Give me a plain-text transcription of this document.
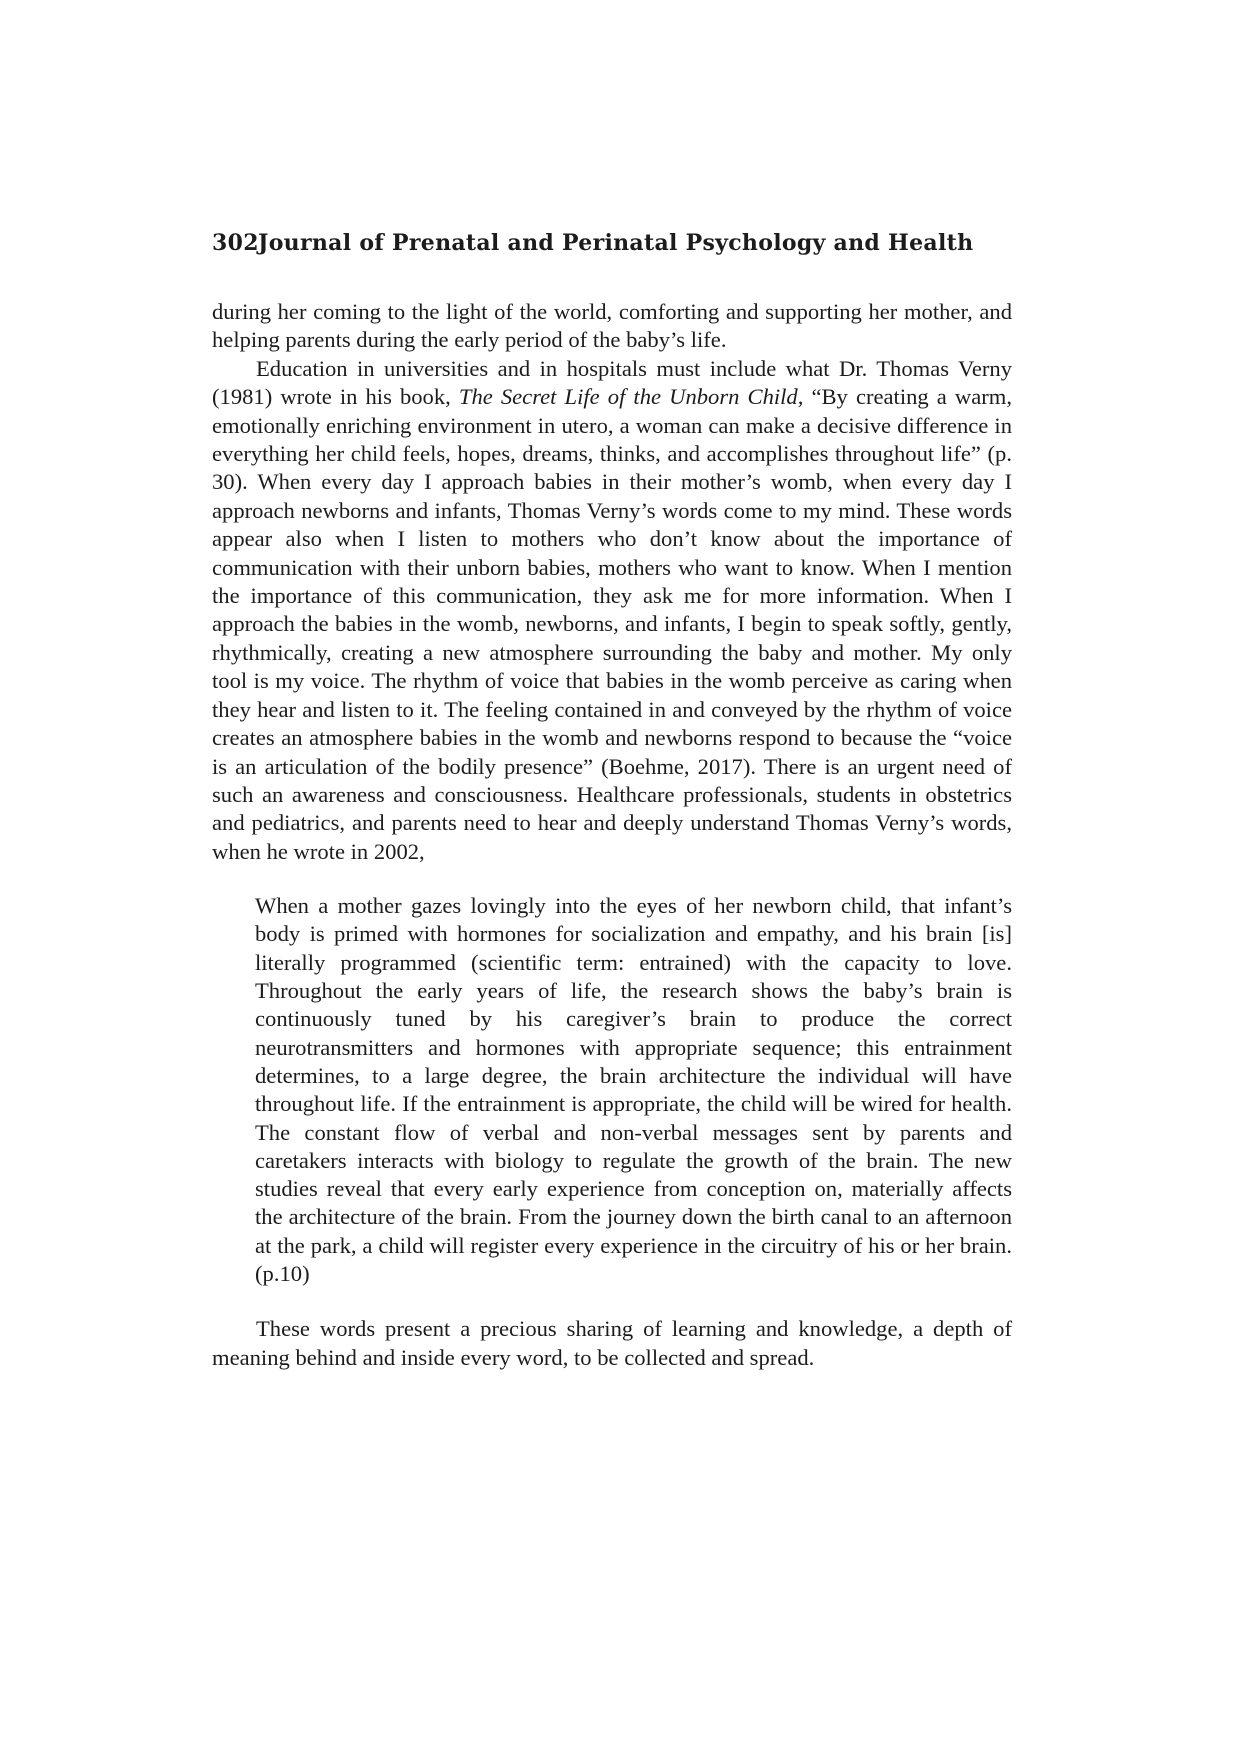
302Journal of Prenatal and Perinatal Psychology and Health

during her coming to the light of the world, comforting and supporting her mother, and helping parents during the early period of the baby’s life.

Education in universities and in hospitals must include what Dr. Thomas Verny (1981) wrote in his book, The Secret Life of the Unborn Child, “By creating a warm, emotionally enriching environment in utero, a woman can make a decisive difference in everything her child feels, hopes, dreams, thinks, and accomplishes throughout life” (p. 30). When every day I approach babies in their mother’s womb, when every day I approach newborns and infants, Thomas Verny’s words come to my mind. These words appear also when I listen to mothers who don’t know about the importance of communication with their unborn babies, mothers who want to know. When I mention the importance of this communication, they ask me for more information. When I approach the babies in the womb, newborns, and infants, I begin to speak softly, gently, rhythmically, creating a new atmosphere surrounding the baby and mother. My only tool is my voice. The rhythm of voice that babies in the womb perceive as caring when they hear and listen to it. The feeling contained in and conveyed by the rhythm of voice creates an atmosphere babies in the womb and newborns respond to because the “voice is an articulation of the bodily presence” (Boehme, 2017). There is an urgent need of such an awareness and consciousness. Healthcare professionals, students in obstetrics and pediatrics, and parents need to hear and deeply understand Thomas Verny’s words, when he wrote in 2002,

When a mother gazes lovingly into the eyes of her newborn child, that infant’s body is primed with hormones for socialization and empathy, and his brain [is] literally programmed (scientific term: entrained) with the capacity to love. Throughout the early years of life, the research shows the baby’s brain is continuously tuned by his caregiver’s brain to produce the correct neurotransmitters and hormones with appropriate sequence; this entrainment determines, to a large degree, the brain architecture the individual will have throughout life. If the entrainment is appropriate, the child will be wired for health. The constant flow of verbal and non-verbal messages sent by parents and caretakers interacts with biology to regulate the growth of the brain. The new studies reveal that every early experience from conception on, materially affects the architecture of the brain. From the journey down the birth canal to an afternoon at the park, a child will register every experience in the circuitry of his or her brain. (p.10)

These words present a precious sharing of learning and knowledge, a depth of meaning behind and inside every word, to be collected and spread.
